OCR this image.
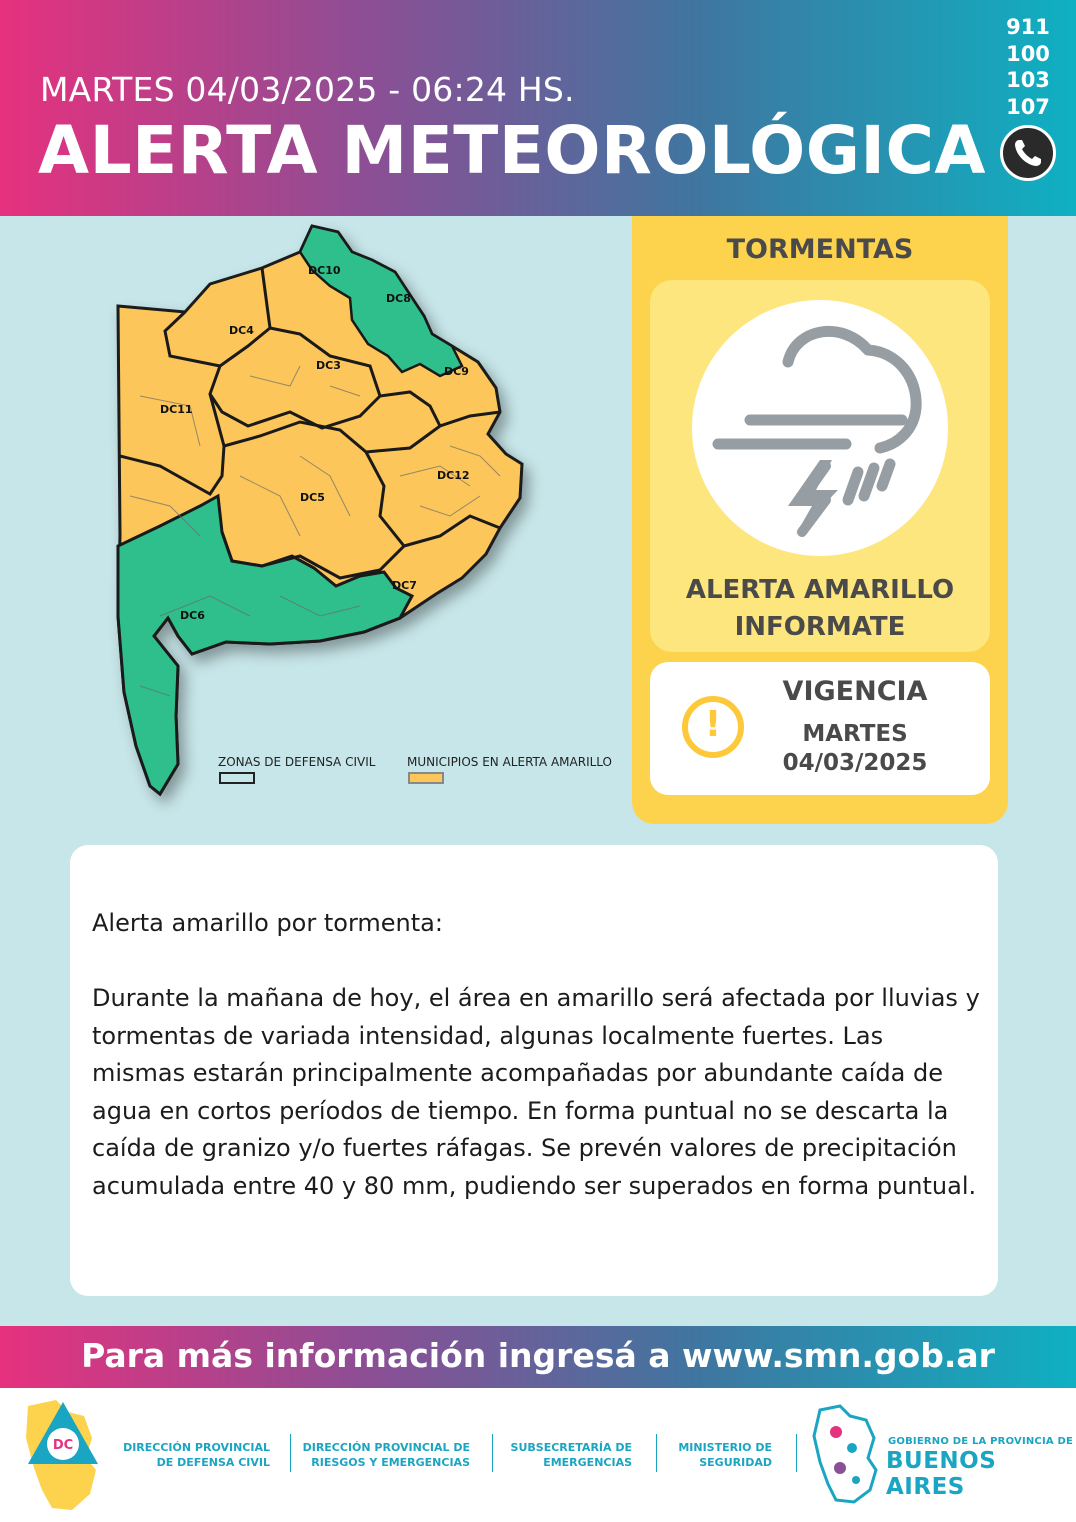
MARTES 04/03/2025 - 06:24 HS.
ALERTA METEOROLÓGICA
911
100
103
107
DC10
DC8
DC4
DC3	DC9
DC11
DC12
DC5
DC7
DC6
ZONAS DE DEFENSA CIVIL	MUNICIPIOS EN ALERTA AMARILLO
TORMENTAS
ALERTA AMARILLO
INFORMATE
!
VIGENCIA
MARTES
04/03/2025

Alerta amarillo por tormenta:

Durante la mañana de hoy, el área en amarillo será afectada por lluvias y tormentas de variada intensidad, algunas localmente fuertes. Las mismas estarán principalmente acompañadas por abundante caída de agua en cortos períodos de tiempo. En forma puntual no se descarta la caída de granizo y/o fuertes ráfagas. Se prevén valores de precipitación acumulada entre 40 y 80 mm, pudiendo ser superados en forma puntual.

Para más información ingresá a www.smn.gob.ar
DC	DIRECCIÓN PROVINCIAL
DE DEFENSA CIVIL
DIRECCIÓN PROVINCIAL DE
RIESGOS Y EMERGENCIAS
SUBSECRETARÍA DE
EMERGENCIAS
MINISTERIO DE
SEGURIDAD
GOBIERNO DE LA PROVINCIA DE
BUENOS AIRES
